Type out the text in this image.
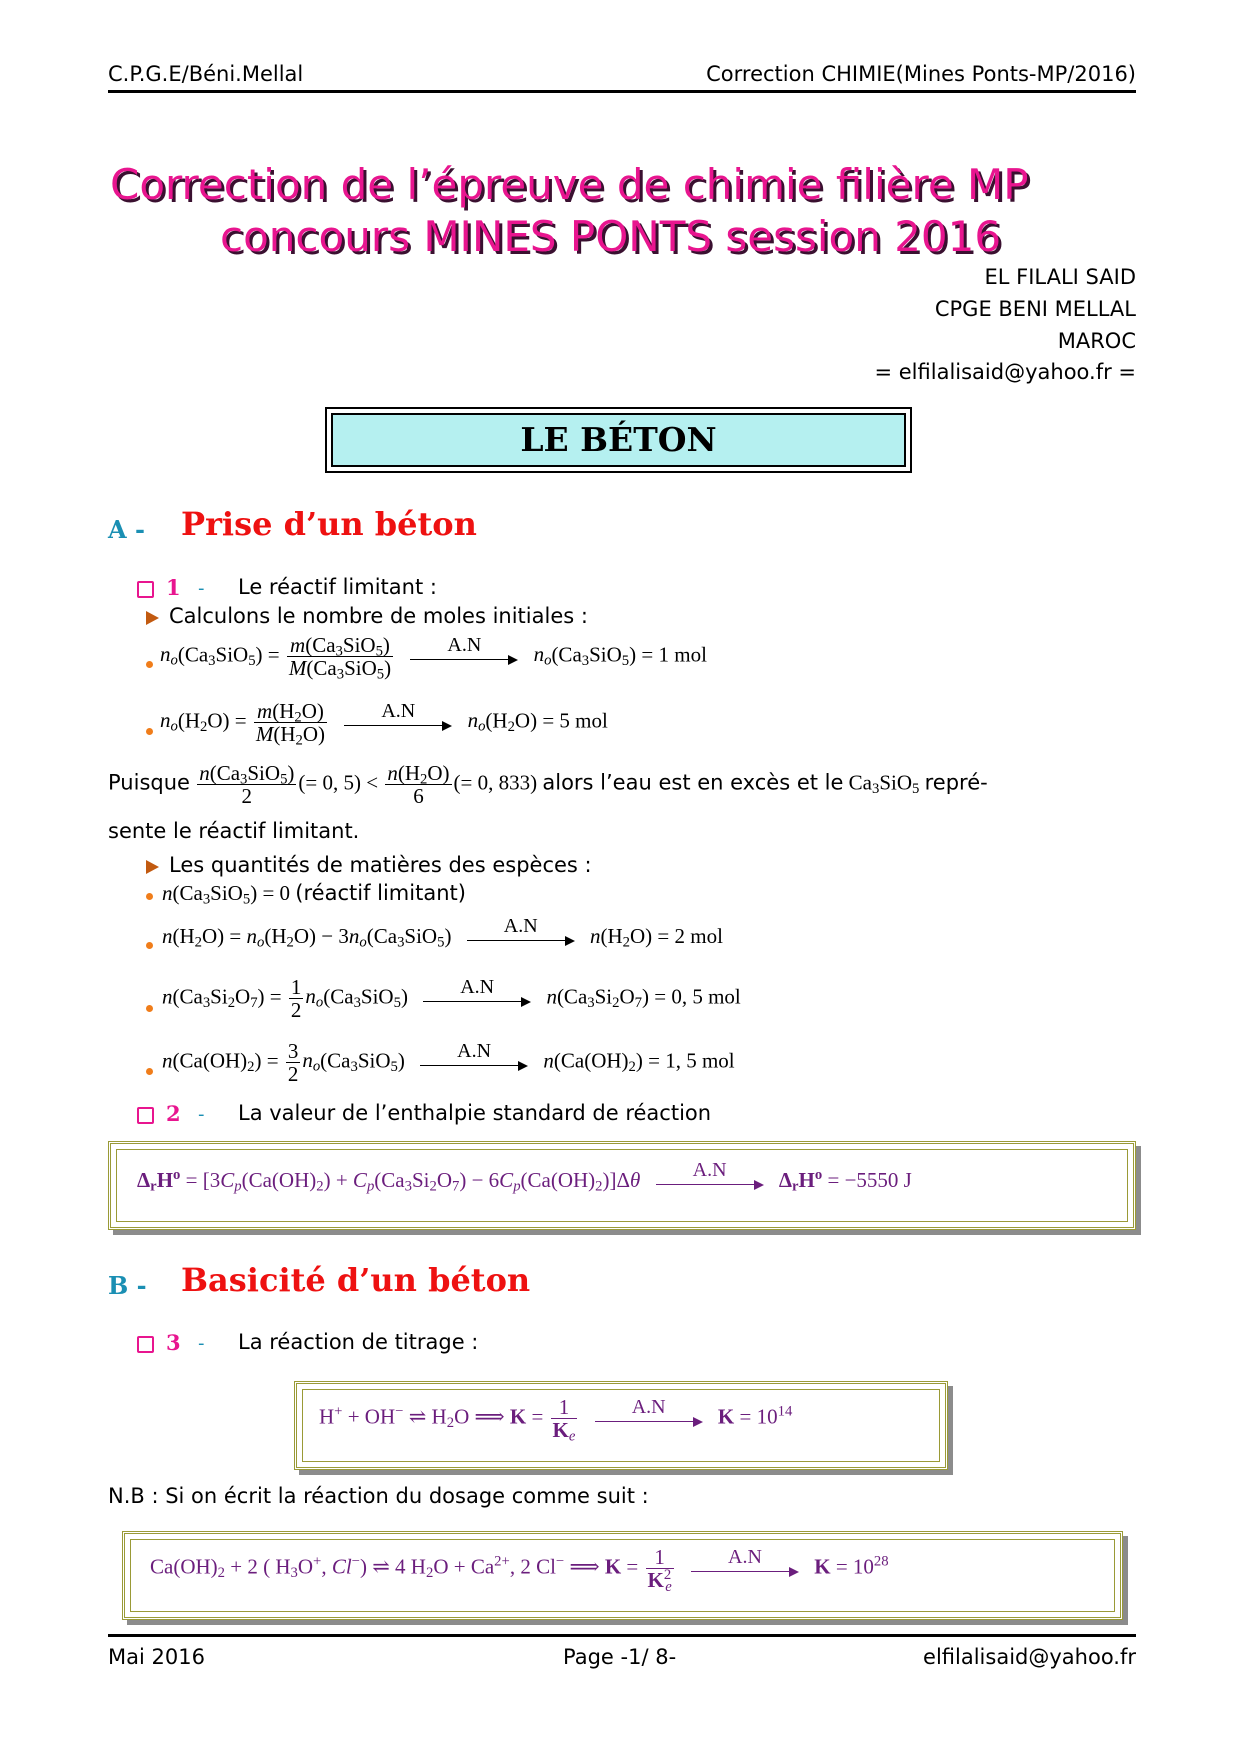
C.P.G.E/Béni.Mellal	Correction CHIMIE(Mines Ponts-MP/2016)
Correction de l’épreuve de chimie filière MP
concours MINES PONTS session 2016
EL FILALI SAID
CPGE BENI MELLAL
MAROC
= elfilalisaid@yahoo.fr =
LE BÉTON
A - Prise d’un béton
1 - Le réactif limitant :
Calculons le nombre de moles initiales :
$n_o(Ca_3SiO_5) = \frac{m(Ca_3SiO_5)}{M(Ca_3SiO_5)}$
	A.N	$n_o(Ca_3SiO_5) = 1$ mol
$n_o(H_2O) = \frac{m(H_2O)}{M(H_2O)}$
	A.N	$n_o(H_2O) = 5$ mol
Puisque $\frac{n(Ca_3SiO_5)}{2}$ (= 0, $5) < \frac{n(H_2O)}{6}$ (= 0, 833) alors l’eau est en excès et le $Ca_3SiO_5$ repré-
sente le réactif limitant.
Les quantités de matières des espèces :
$n(Ca_3SiO_5) = 0$ (réactif limitant)
$n(H_2O) = n_o(H_2O) - 3n_o(Ca_3SiO_5)$	A.N	$n(H_2O) = 2$ mol
$n(Ca_3Si_2O_7) = \frac{1}{2} n_o(Ca_3SiO_5)$	A.N	$n(Ca_3Si_2O_7) = 0$, 5 mol
$n(Ca(OH)_2) = \frac{3}{2} n_o(Ca_3SiO_5)$	A.N	$n(Ca(OH)_2) = 1$, 5 mol
2 - La valeur de l’enthalpie standard de réaction
$\Delta_rH^o = [3C_p(Ca(OH)_2) + C_p(Ca_3Si_2O_7) - 6C_p(Ca(OH)_2)]\Delta\theta$	A.N	$\Delta_rH^o = -5550$ J
B - Basicité d’un béton
3 - La réaction de titrage :
H+ + OH− ⇌ $H_2O$ ⟹ $K = \frac{1}{K_e}$
	A.N	$K = 10^{14}$
N.B : Si on écrit la réaction du dosage comme suit :
$Ca(OH)_2 + 2$ ( $H_3O^+$, Cl−) ⇌ 4 $H_2O + Ca^{2+}$, 2 Cl− ⟹ $K = \frac{1}{K^2_e}$
	A.N	$K = 10^{28}$
Mai 2016	Page -1/ 8-	elfilalisaid@yahoo.fr
